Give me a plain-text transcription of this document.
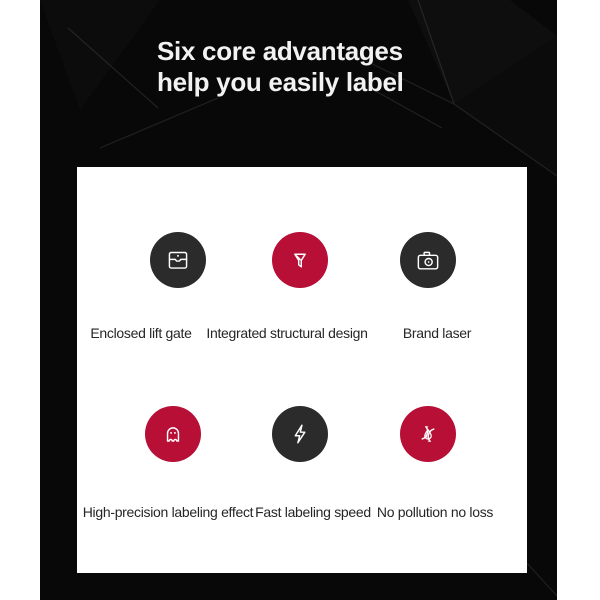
Six core advantages
help you easily label
Enclosed lift gate Integrated structural design	Brand laser
High-precision labeling effect Fast labeling speed No pollution no loss
